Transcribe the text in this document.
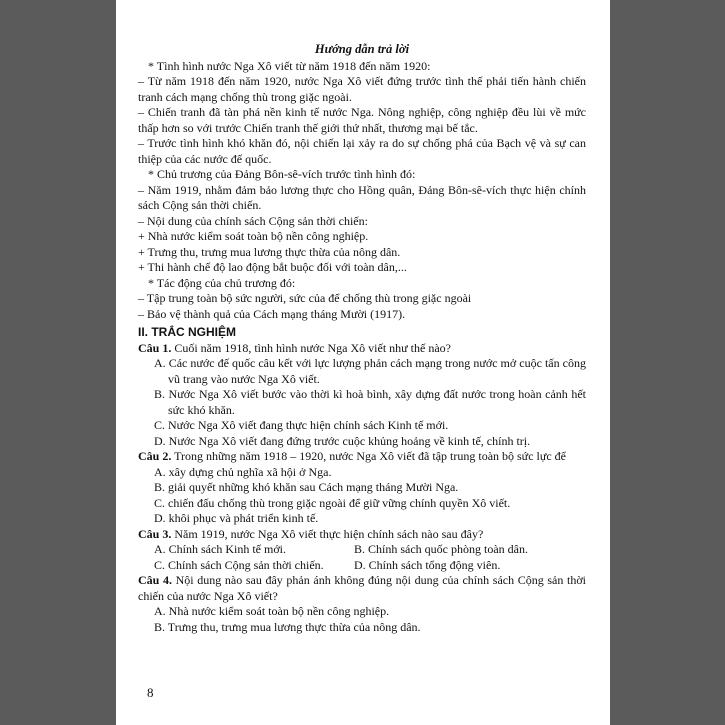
Hướng dẫn trả lời
* Tình hình nước Nga Xô viết từ năm 1918 đến năm 1920:
– Từ năm 1918 đến năm 1920, nước Nga Xô viết đứng trước tình thế phải tiến hành chiến tranh cách mạng chống thù trong giặc ngoài.
– Chiến tranh đã tàn phá nền kinh tế nước Nga. Nông nghiệp, công nghiệp đều lùi về mức thấp hơn so với trước Chiến tranh thế giới thứ nhất, thương mại bế tắc.
– Trước tình hình khó khăn đó, nội chiến lại xảy ra do sự chống phá của Bạch vệ và sự can thiệp của các nước đế quốc.
* Chủ trương của Đảng Bôn-sê-vích trước tình hình đó:
– Năm 1919, nhằm đảm bảo lương thực cho Hồng quân, Đảng Bôn-sê-vích thực hiện chính sách Cộng sản thời chiến.
– Nội dung của chính sách Cộng sản thời chiến:
+ Nhà nước kiểm soát toàn bộ nền công nghiệp.
+ Trưng thu, trưng mua lương thực thừa của nông dân.
+ Thi hành chế độ lao động bắt buộc đối với toàn dân,...
* Tác động của chủ trương đó:
– Tập trung toàn bộ sức người, sức của để chống thù trong giặc ngoài
– Bảo vệ thành quả của Cách mạng tháng Mười (1917).
II. TRẮC NGHIỆM
Câu 1. Cuối năm 1918, tình hình nước Nga Xô viết như thế nào?
A. Các nước đế quốc câu kết với lực lượng phản cách mạng trong nước mở cuộc tấn công vũ trang vào nước Nga Xô viết.
B. Nước Nga Xô viết bước vào thời kì hoà bình, xây dựng đất nước trong hoàn cảnh hết sức khó khăn.
C. Nước Nga Xô viết đang thực hiện chính sách Kinh tế mới.
D. Nước Nga Xô viết đang đứng trước cuộc khủng hoảng về kinh tế, chính trị.
Câu 2. Trong những năm 1918 – 1920, nước Nga Xô viết đã tập trung toàn bộ sức lực để
A. xây dựng chủ nghĩa xã hội ở Nga.
B. giải quyết những khó khăn sau Cách mạng tháng Mười Nga.
C. chiến đấu chống thù trong giặc ngoài để giữ vững chính quyền Xô viết.
D. khôi phục và phát triển kinh tế.
Câu 3. Năm 1919, nước Nga Xô viết thực hiện chính sách nào sau đây?
A. Chính sách Kinh tế mới.	B. Chính sách quốc phòng toàn dân.
C. Chính sách Cộng sản thời chiến.	D. Chính sách tổng động viên.
Câu 4. Nội dung nào sau đây phản ánh không đúng nội dung của chính sách Cộng sản thời chiến của nước Nga Xô viết?
A. Nhà nước kiểm soát toàn bộ nền công nghiệp.
B. Trưng thu, trưng mua lương thực thừa của nông dân.
8
